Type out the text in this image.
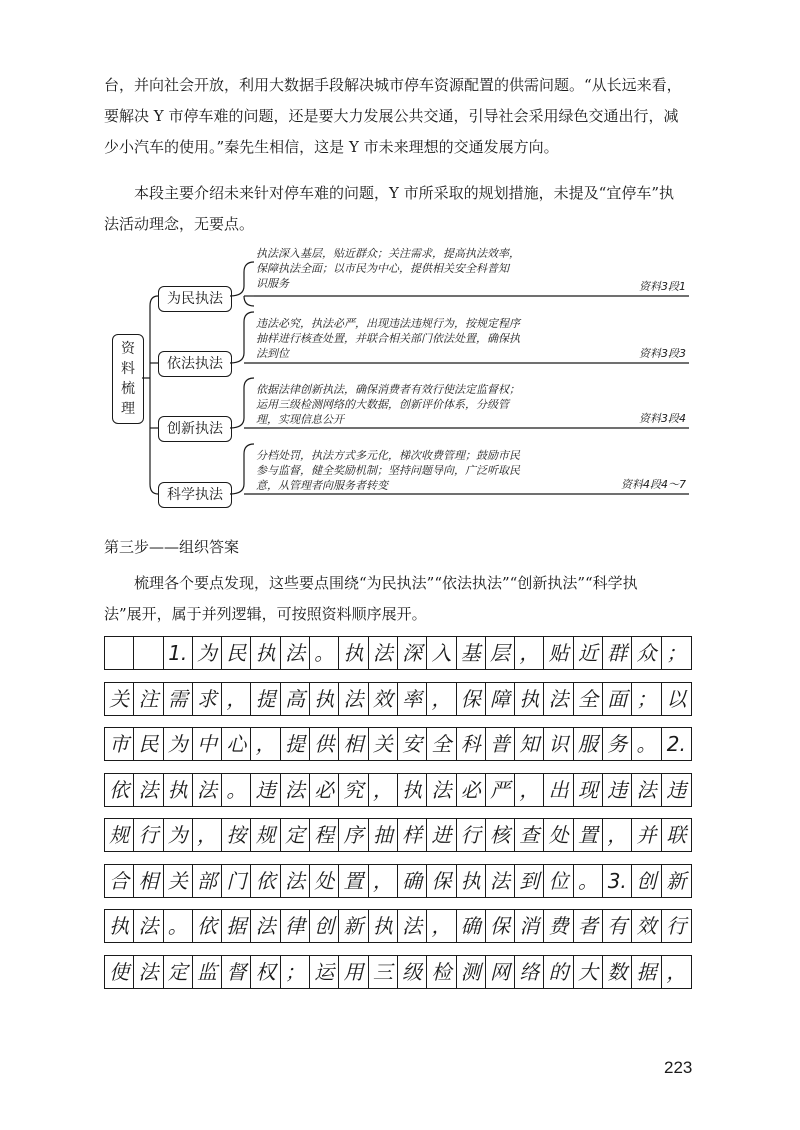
台，并向社会开放，利用大数据手段解决城市停车资源配置的供需问题。“从长远来看，
要解决 Y 市停车难的问题，还是要大力发展公共交通，引导社会采用绿色交通出行，减
少小汽车的使用。”秦先生相信，这是 Y 市未来理想的交通发展方向。
本段主要介绍未来针对停车难的问题，Y 市所采取的规划措施，未提及“宜停车”执
法活动理念，无要点。
资
料
梳
理
为民执法
执法深入基层，贴近群众；关注需求，提高执法效率，
保障执法全面；以市民为中心，提供相关安全科普知
识服务	资料3段1
依法执法
违法必究，执法必严，出现违法违规行为，按规定程序
抽样进行核查处置，并联合相关部门依法处置，确保执
法到位	资料3段3
创新执法
依据法律创新执法，确保消费者有效行使法定监督权；
运用三级检测网络的大数据，创新评价体系，分级管
理，实现信息公开	资料3段4
科学执法
分档处罚，执法方式多元化，梯次收费管理；鼓励市民
参与监督，健全奖励机制；坚持问题导向，广泛听取民
意，从管理者向服务者转变	资料4段4～7
第三步——组织答案
梳理各个要点发现，这些要点围绕“为民执法”“依法执法”“创新执法”“科学执
法”展开，属于并列逻辑，可按照资料顺序展开。
1. 为 民 执 法 。 执 法 深 入 基 层 ， 贴 近 群 众 ；
关 注 需 求 ， 提 高 执 法 效 率 ， 保 障 执 法 全 面 ； 以
市 民 为 中 心 ， 提 供 相 关 安 全 科 普 知 识 服 务 。 2.
依 法 执 法 。 违 法 必 究 ， 执 法 必 严 ， 出 现 违 法 违
规 行 为 ， 按 规 定 程 序 抽 样 进 行 核 查 处 置 ， 并 联
合 相 关 部 门 依 法 处 置 ， 确 保 执 法 到 位 。 3. 创 新
执 法 。 依 据 法 律 创 新 执 法 ， 确 保 消 费 者 有 效 行
使 法 定 监 督 权 ； 运 用 三 级 检 测 网 络 的 大 数 据 ，
223
